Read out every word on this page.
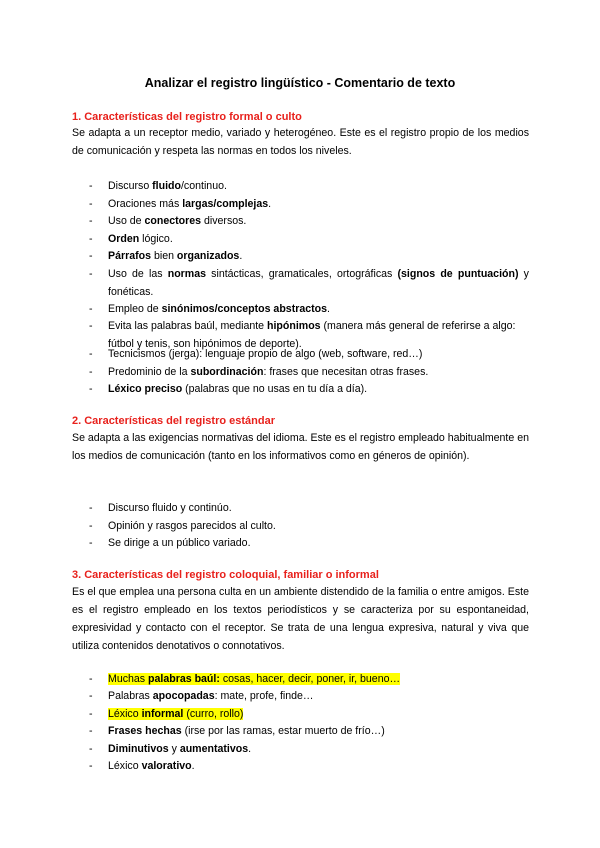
Analizar el registro lingüístico - Comentario de texto
1. Características del registro formal o culto
Se adapta a un receptor medio, variado y heterogéneo. Este es el registro propio de los medios de comunicación y respeta las normas en todos los niveles.
- Discurso fluido/continuo.
- Oraciones más largas/complejas.
- Uso de conectores diversos.
- Orden lógico.
- Párrafos bien organizados.
- Uso de las normas sintácticas, gramaticales, ortográficas (signos de puntuación) y fonéticas.
- Empleo de sinónimos/conceptos abstractos.
- Evita las palabras baúl, mediante hipónimos (manera más general de referirse a algo: fútbol y tenis, son hipónimos de deporte).
- Tecnicismos (jerga): lenguaje propio de algo (web, software, red…)
- Predominio de la subordinación: frases que necesitan otras frases.
- Léxico preciso (palabras que no usas en tu día a día).
2. Características del registro estándar
Se adapta a las exigencias normativas del idioma. Este es el registro empleado habitualmente en los medios de comunicación (tanto en los informativos como en géneros de opinión).
- Discurso fluido y continúo.
- Opinión y rasgos parecidos al culto.
- Se dirige a un público variado.
3. Características del registro coloquial, familiar o informal
Es el que emplea una persona culta en un ambiente distendido de la familia o entre amigos. Este es el registro empleado en los textos periodísticos y se caracteriza por su espontaneidad, expresividad y contacto con el receptor. Se trata de una lengua expresiva, natural y viva que utiliza contenidos denotativos o connotativos.
- Muchas palabras baúl: cosas, hacer, decir, poner, ir, bueno…
- Palabras apocopadas: mate, profe, finde…
- Léxico informal (curro, rollo)
- Frases hechas (irse por las ramas, estar muerto de frío…)
- Diminutivos y aumentativos.
- Léxico valorativo.
